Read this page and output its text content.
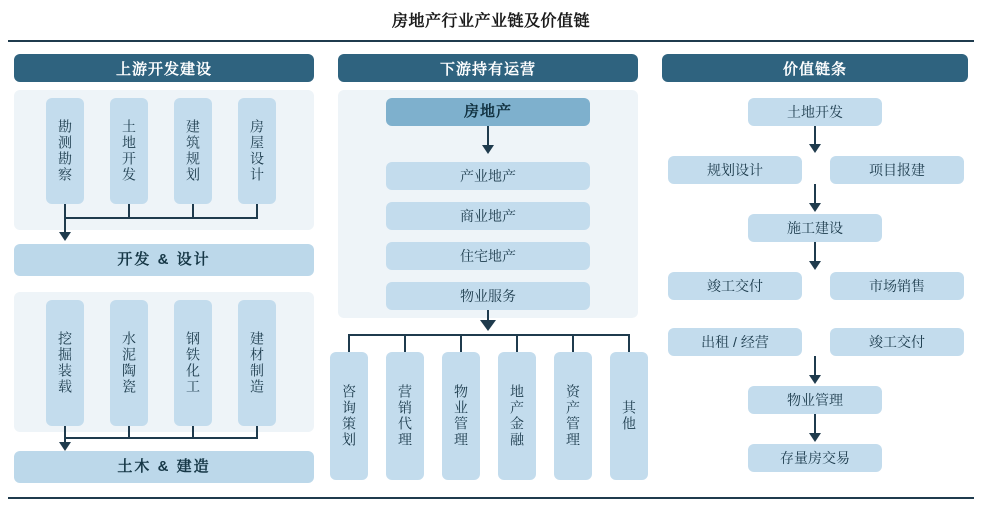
房地产行业产业链及价值链
上游开发建设
勘测勘察	土地开发	建筑规划	房屋设计
开发 & 设计
挖掘装载	水泥陶瓷	钢铁化工	建材制造
土木 & 建造
下游持有运营
房地产
产业地产
商业地产
住宅地产
物业服务
咨询策划	营销代理	物业管理	地产金融	资产管理	其他
价值链条
土地开发
规划设计	项目报建
施工建设
竣工交付	市场销售
出租 / 经营	竣工交付
物业管理
存量房交易
